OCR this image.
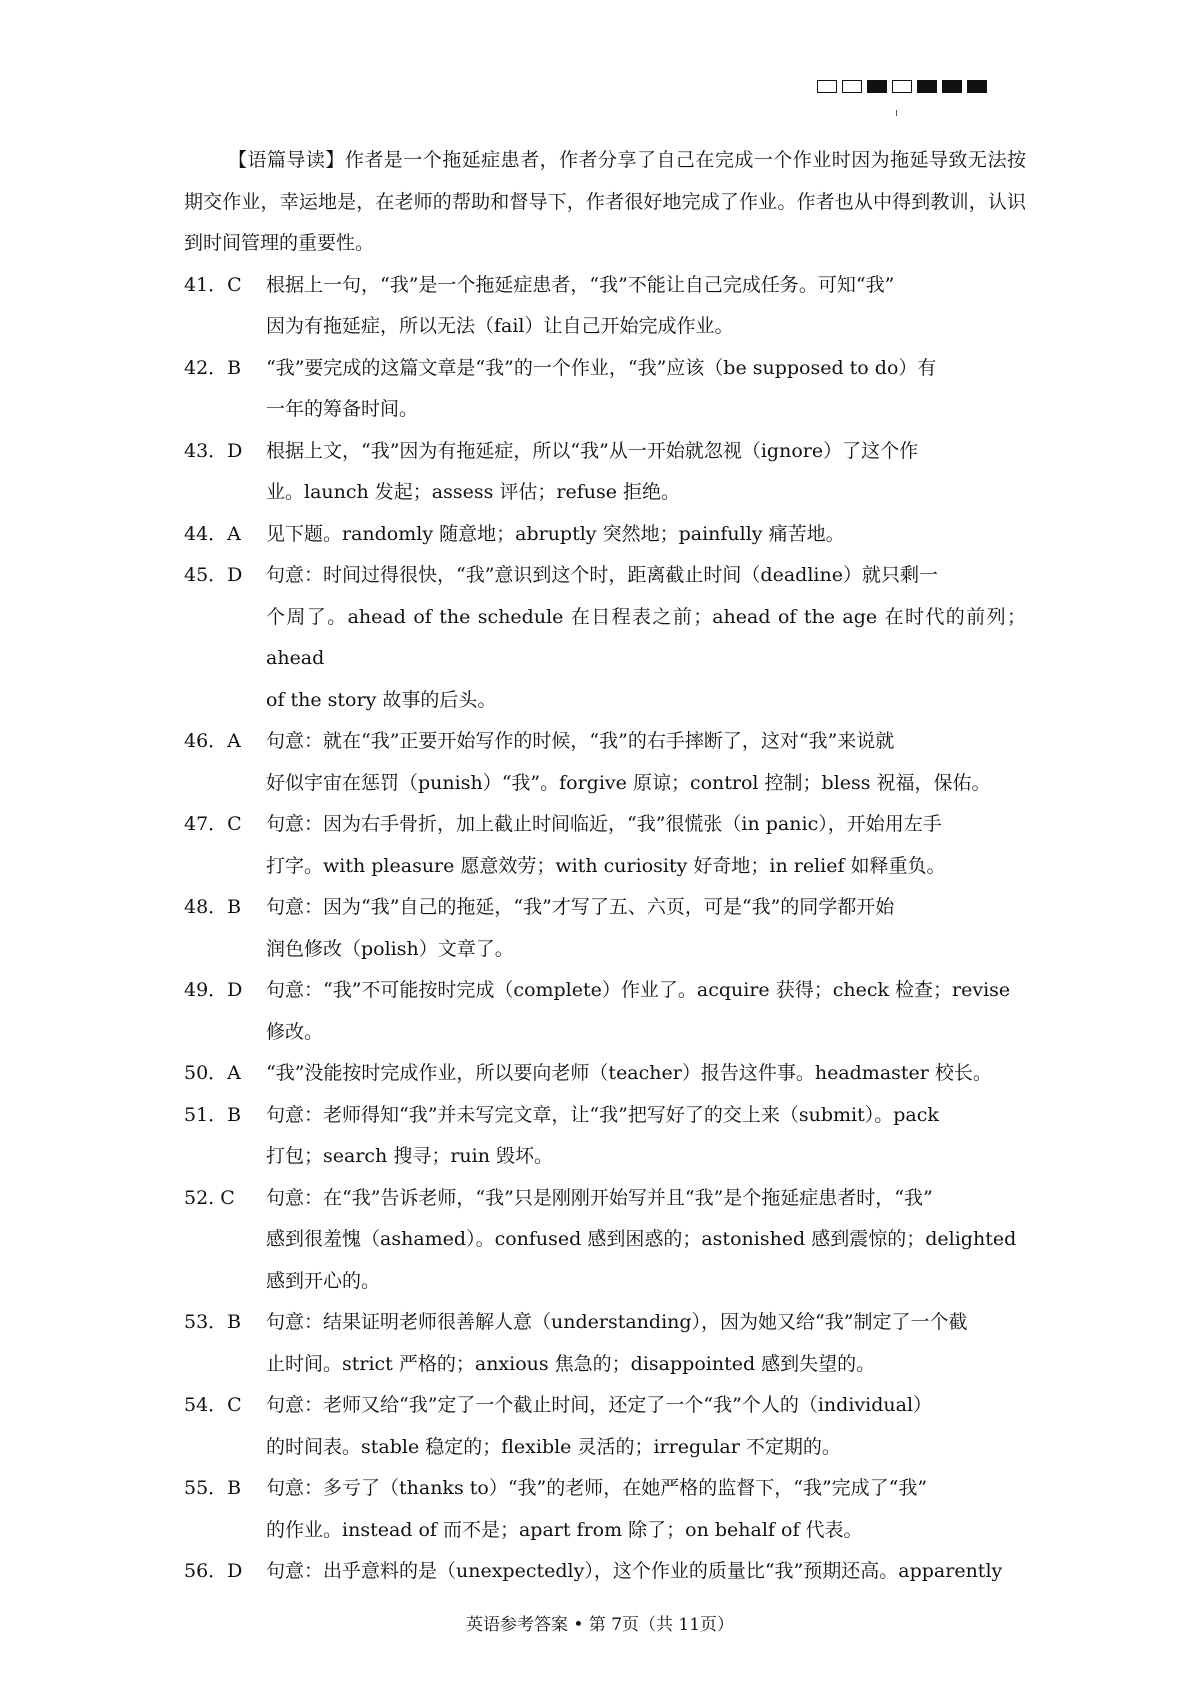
【语篇导读】作者是一个拖延症患者，作者分享了自己在完成一个作业时因为拖延导致无法按期交作业，幸运地是，在老师的帮助和督导下，作者很好地完成了作业。作者也从中得到教训，认识到时间管理的重要性。

41．C	根据上一句，“我”是一个拖延症患者，“我”不能让自己完成任务。可知“我”
因为有拖延症，所以无法（fail）让自己开始完成作业。
42．B	“我”要完成的这篇文章是“我”的一个作业，“我”应该（be supposed to do）有
一年的筹备时间。
43．D	根据上文，“我”因为有拖延症，所以“我”从一开始就忽视（ignore）了这个作
业。launch 发起；assess 评估；refuse 拒绝。
44．A	见下题。randomly 随意地；abruptly 突然地；painfully 痛苦地。
45．D	句意：时间过得很快，“我”意识到这个时，距离截止时间（deadline）就只剩一
个周了。ahead of the schedule 在日程表之前；ahead of the age 在时代的前列；ahead
of the story 故事的后头。
46．A	句意：就在“我”正要开始写作的时候，“我”的右手摔断了，这对“我”来说就
好似宇宙在惩罚（punish）“我”。forgive 原谅；control 控制；bless 祝福，保佑。
47．C	句意：因为右手骨折，加上截止时间临近，“我”很慌张（in panic），开始用左手
打字。with pleasure 愿意效劳；with curiosity 好奇地；in relief 如释重负。
48．B	句意：因为“我”自己的拖延，“我”才写了五、六页，可是“我”的同学都开始
润色修改（polish）文章了。
49．D	句意：“我”不可能按时完成（complete）作业了。acquire 获得；check 检查；revise
修改。
50．A	“我”没能按时完成作业，所以要向老师（teacher）报告这件事。headmaster 校长。
51．B	句意：老师得知“我”并未写完文章，让“我”把写好了的交上来（submit）。pack
打包；search 搜寻；ruin 毁坏。
52. C	句意：在“我”告诉老师，“我”只是刚刚开始写并且“我”是个拖延症患者时，“我”
感到很羞愧（ashamed）。confused 感到困惑的；astonished 感到震惊的；delighted
感到开心的。
53．B	句意：结果证明老师很善解人意（understanding），因为她又给“我”制定了一个截
止时间。strict 严格的；anxious 焦急的；disappointed 感到失望的。
54．C	句意：老师又给“我”定了一个截止时间，还定了一个“我”个人的（individual）
的时间表。stable 稳定的；flexible 灵活的；irregular 不定期的。
55．B	句意：多亏了（thanks to）“我”的老师，在她严格的监督下，“我”完成了“我”
的作业。instead of 而不是；apart from 除了；on behalf of 代表。
56．D	句意：出乎意料的是（unexpectedly），这个作业的质量比“我”预期还高。apparently
英语参考答案 • 第 7页（共 11页）
